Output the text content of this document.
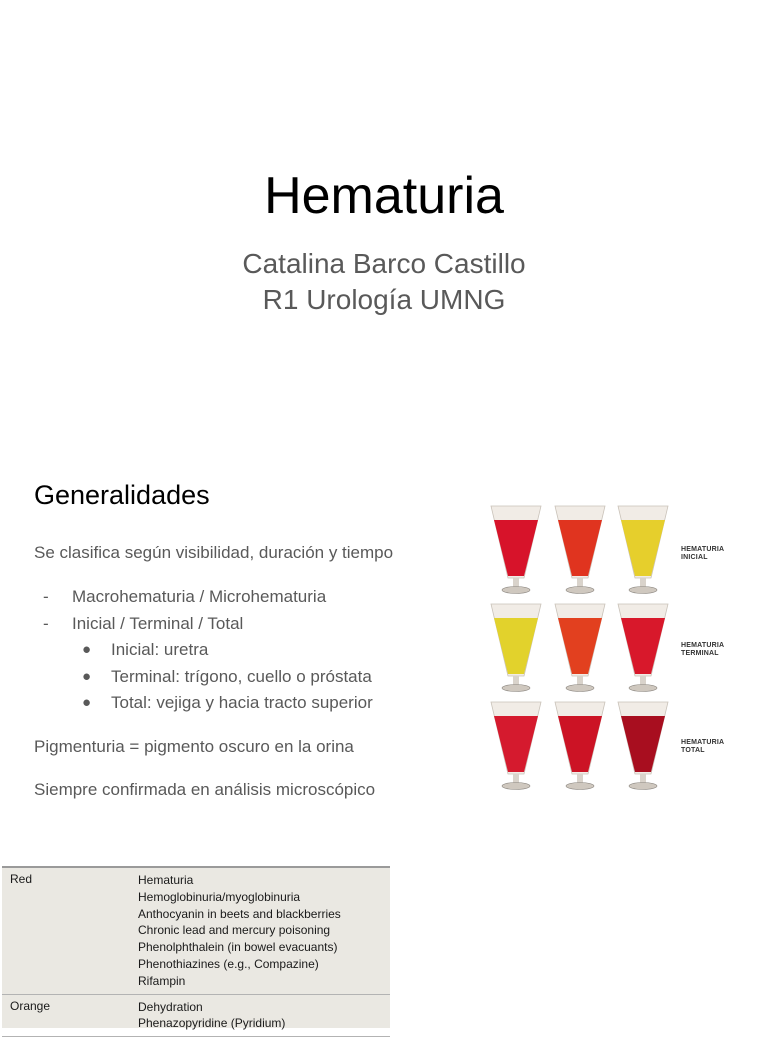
Hematuria
Catalina Barco Castillo
R1 Urología UMNG
Generalidades

Se clasifica según visibilidad, duración y tiempo

- Macrohematuria / Microhematuria
- Inicial / Terminal / Total
● Inicial: uretra
● Terminal: trígono, cuello o próstata
● Total: vejiga y hacia tracto superior

Pigmenturia = pigmento oscuro en la orina

Siempre confirmada en análisis microscópico

HEMATURIA
INICIAL
HEMATURIA
TERMINAL
HEMATURIA
TOTAL
Red	Hematuria
Hemoglobinuria/myoglobinuria
Anthocyanin in beets and blackberries
Chronic lead and mercury poisoning
Phenolphthalein (in bowel evacuants)
Phenothiazines (e.g., Compazine)
Rifampin
Orange	Dehydration
Phenazopyridine (Pyridium)
